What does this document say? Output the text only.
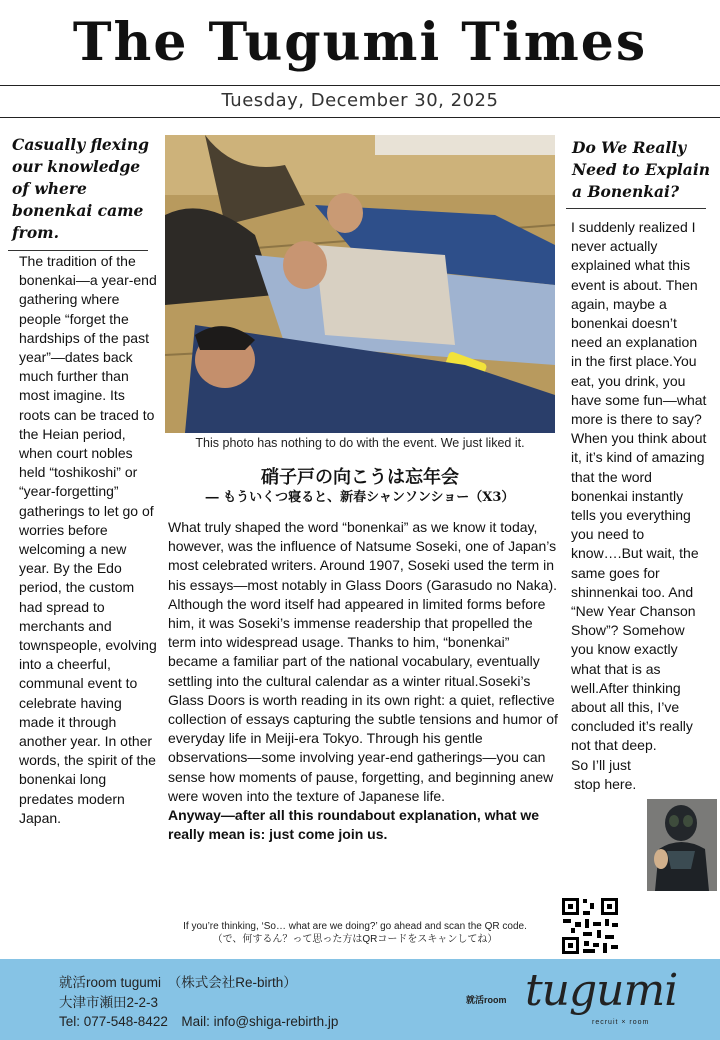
The Tugumi Times
Tuesday, December 30, 2025
Casually flexing our knowledge of where bonenkai came from.
The tradition of the bonenkai—a year-end gathering where people “forget the hardships of the past year”—dates back much further than most imagine. Its roots can be traced to the Heian period, when court nobles held “toshikoshi” or “year-forgetting” gatherings to let go of worries before welcoming a new year. By the Edo period, the custom had spread to merchants and townspeople, evolving into a cheerful, communal event to celebrate having made it through another year. In other words, the spirit of the bonenkai long predates modern Japan.
This photo has nothing to do with the event. We just liked it.
硝子戸の向こうは忘年会
― もういくつ寝ると、新春シャンソンショー（X3）

What truly shaped the word “bonenkai” as we know it today, however, was the influence of Natsume Soseki, one of Japan’s most celebrated writers. Around 1907, Soseki used the term in his essays—most notably in Glass Doors (Garasudo no Naka). Although the word itself had appeared in limited forms before him, it was Soseki’s immense readership that propelled the term into widespread usage. Thanks to him, “bonenkai” became a familiar part of the national vocabulary, eventually settling into the cultural calendar as a winter ritual.Soseki’s Glass Doors is worth reading in its own right: a quiet, reflective collection of essays capturing the subtle tensions and humor of everyday life in Meiji-era Tokyo. Through his gentle observations—some involving year-end gatherings—you can sense how moments of pause, forgetting, and beginning anew were woven into the texture of Japanese life.

Anyway—after all this roundabout explanation, what we really mean is: just come join us.

Do We Really Need to Explain a Bonenkai?
I suddenly realized I never actually explained what this event is about. Then again, maybe a bonenkai doesn’t need an explanation in the first place.You eat, you drink, you have some fun—what more is there to say? When you think about it, it’s kind of amazing that the word bonenkai instantly tells you everything you need to know….But wait, the same goes for shinnenkai too. And “New Year Chanson Show”? Somehow you know exactly what that is as well.After thinking about all this, I’ve concluded it’s really not that deep.
So I’ll just
stop here.
If you’re thinking, ‘So… what are we doing?’ go ahead and scan the QR code.
（で、何するん？って思った方はQRコードをスキャンしてね）
就活room tugumi　（株式会社Re-birth）
大津市瀬田2-2-3
Tel: 077-548-8422　Mail: info@shiga-rebirth.jp
就活room tugumi
recruit × room
